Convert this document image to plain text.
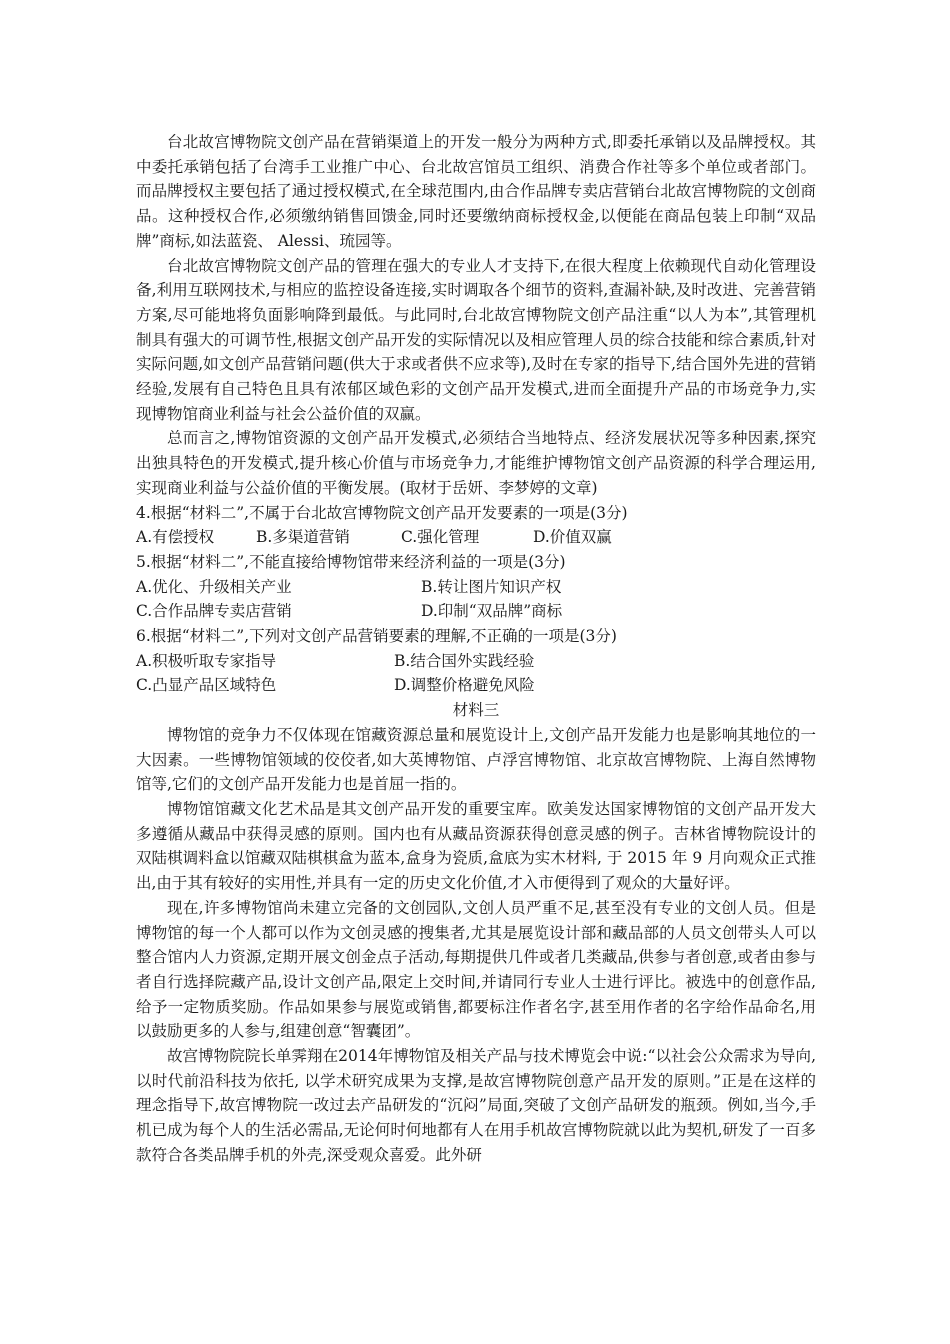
台北故宫博物院文创产品在营销渠道上的开发一般分为两种方式,即委托承销以及品牌授权。其中委托承销包括了台湾手工业推广中心、台北故宫馆员工组织、消费合作社等多个单位或者部门。而品牌授权主要包括了通过授权模式,在全球范围内,由合作品牌专卖店营销台北故宫博物院的文创商品。这种授权合作,必须缴纳销售回馈金,同时还要缴纳商标授权金,以便能在商品包装上印制“双品牌”商标,如法蓝瓷、 Alessi、琉园等。

台北故宫博物院文创产品的管理在强大的专业人才支持下,在很大程度上依赖现代自动化管理设备,利用互联网技术,与相应的监控设备连接,实时调取各个细节的资料,查漏补缺,及时改进、完善营销方案,尽可能地将负面影响降到最低。与此同时,台北故宫博物院文创产品注重“以人为本”,其管理机制具有强大的可调节性,根据文创产品开发的实际情况以及相应管理人员的综合技能和综合素质,针对实际问题,如文创产品营销问题(供大于求或者供不应求等),及时在专家的指导下,结合国外先进的营销经验,发展有自己特色且具有浓郁区域色彩的文创产品开发模式,进而全面提升产品的市场竞争力,实现博物馆商业利益与社会公益价值的双赢。

总而言之,博物馆资源的文创产品开发模式,必须结合当地特点、经济发展状况等多种因素,探究出独具特色的开发模式,提升核心价值与市场竞争力,才能维护博物馆文创产品资源的科学合理运用,实现商业利益与公益价值的平衡发展。(取材于岳妍、李梦婷的文章)

4.根据“材料二”,不属于台北故宫博物院文创产品开发要素的一项是(3分)

A.有偿授权	B.多渠道营销	C.强化管理	D.价值双赢

5.根据“材料二”,不能直接给博物馆带来经济利益的一项是(3分)

A.优化、升级相关产业	B.转让图片知识产权
C.合作品牌专卖店营销	D.印制“双品牌”商标

6.根据“材料二”,下列对文创产品营销要素的理解,不正确的一项是(3分)

A.积极听取专家指导	B.结合国外实践经验
C.凸显产品区域特色	D.调整价格避免风险
材料三

博物馆的竞争力不仅体现在馆藏资源总量和展览设计上,文创产品开发能力也是影响其地位的一大因素。一些博物馆领域的佼佼者,如大英博物馆、卢浮宫博物馆、北京故宫博物院、上海自然博物馆等,它们的文创产品开发能力也是首屈一指的。

博物馆馆藏文化艺术品是其文创产品开发的重要宝库。欧美发达国家博物馆的文创产品开发大多遵循从藏品中获得灵感的原则。国内也有从藏品资源获得创意灵感的例子。吉林省博物院设计的双陆棋调料盒以馆藏双陆棋棋盒为蓝本,盒身为瓷质,盒底为实木材料, 于 2015 年 9 月向观众正式推出,由于其有较好的实用性,并具有一定的历史文化价值,才入市便得到了观众的大量好评。

现在,许多博物馆尚未建立完备的文创园队,文创人员严重不足,甚至没有专业的文创人员。但是博物馆的每一个人都可以作为文创灵感的搜集者,尤其是展览设计部和藏品部的人员文创带头人可以整合馆内人力资源,定期开展文创金点子活动,每期提供几件或者几类藏品,供参与者创意,或者由参与者自行选择院藏产品,设计文创产品,限定上交时间,并请同行专业人士进行评比。被选中的创意作品,给予一定物质奖励。作品如果参与展览或销售,都要标注作者名字,甚至用作者的名字给作品命名,用以鼓励更多的人参与,组建创意“智囊团”。

故宫博物院院长单霁翔在2014年博物馆及相关产品与技术博览会中说:“以社会公众需求为导向,以时代前沿科技为依托, 以学术研究成果为支撑,是故宫博物院创意产品开发的原则。”正是在这样的理念指导下,故宫博物院一改过去产品研发的“沉闷”局面,突破了文创产品研发的瓶颈。例如,当今,手机已成为每个人的生活必需品,无论何时何地都有人在用手机故宫博物院就以此为契机,研发了一百多款符合各类品牌手机的外壳,深受观众喜爱。此外研
